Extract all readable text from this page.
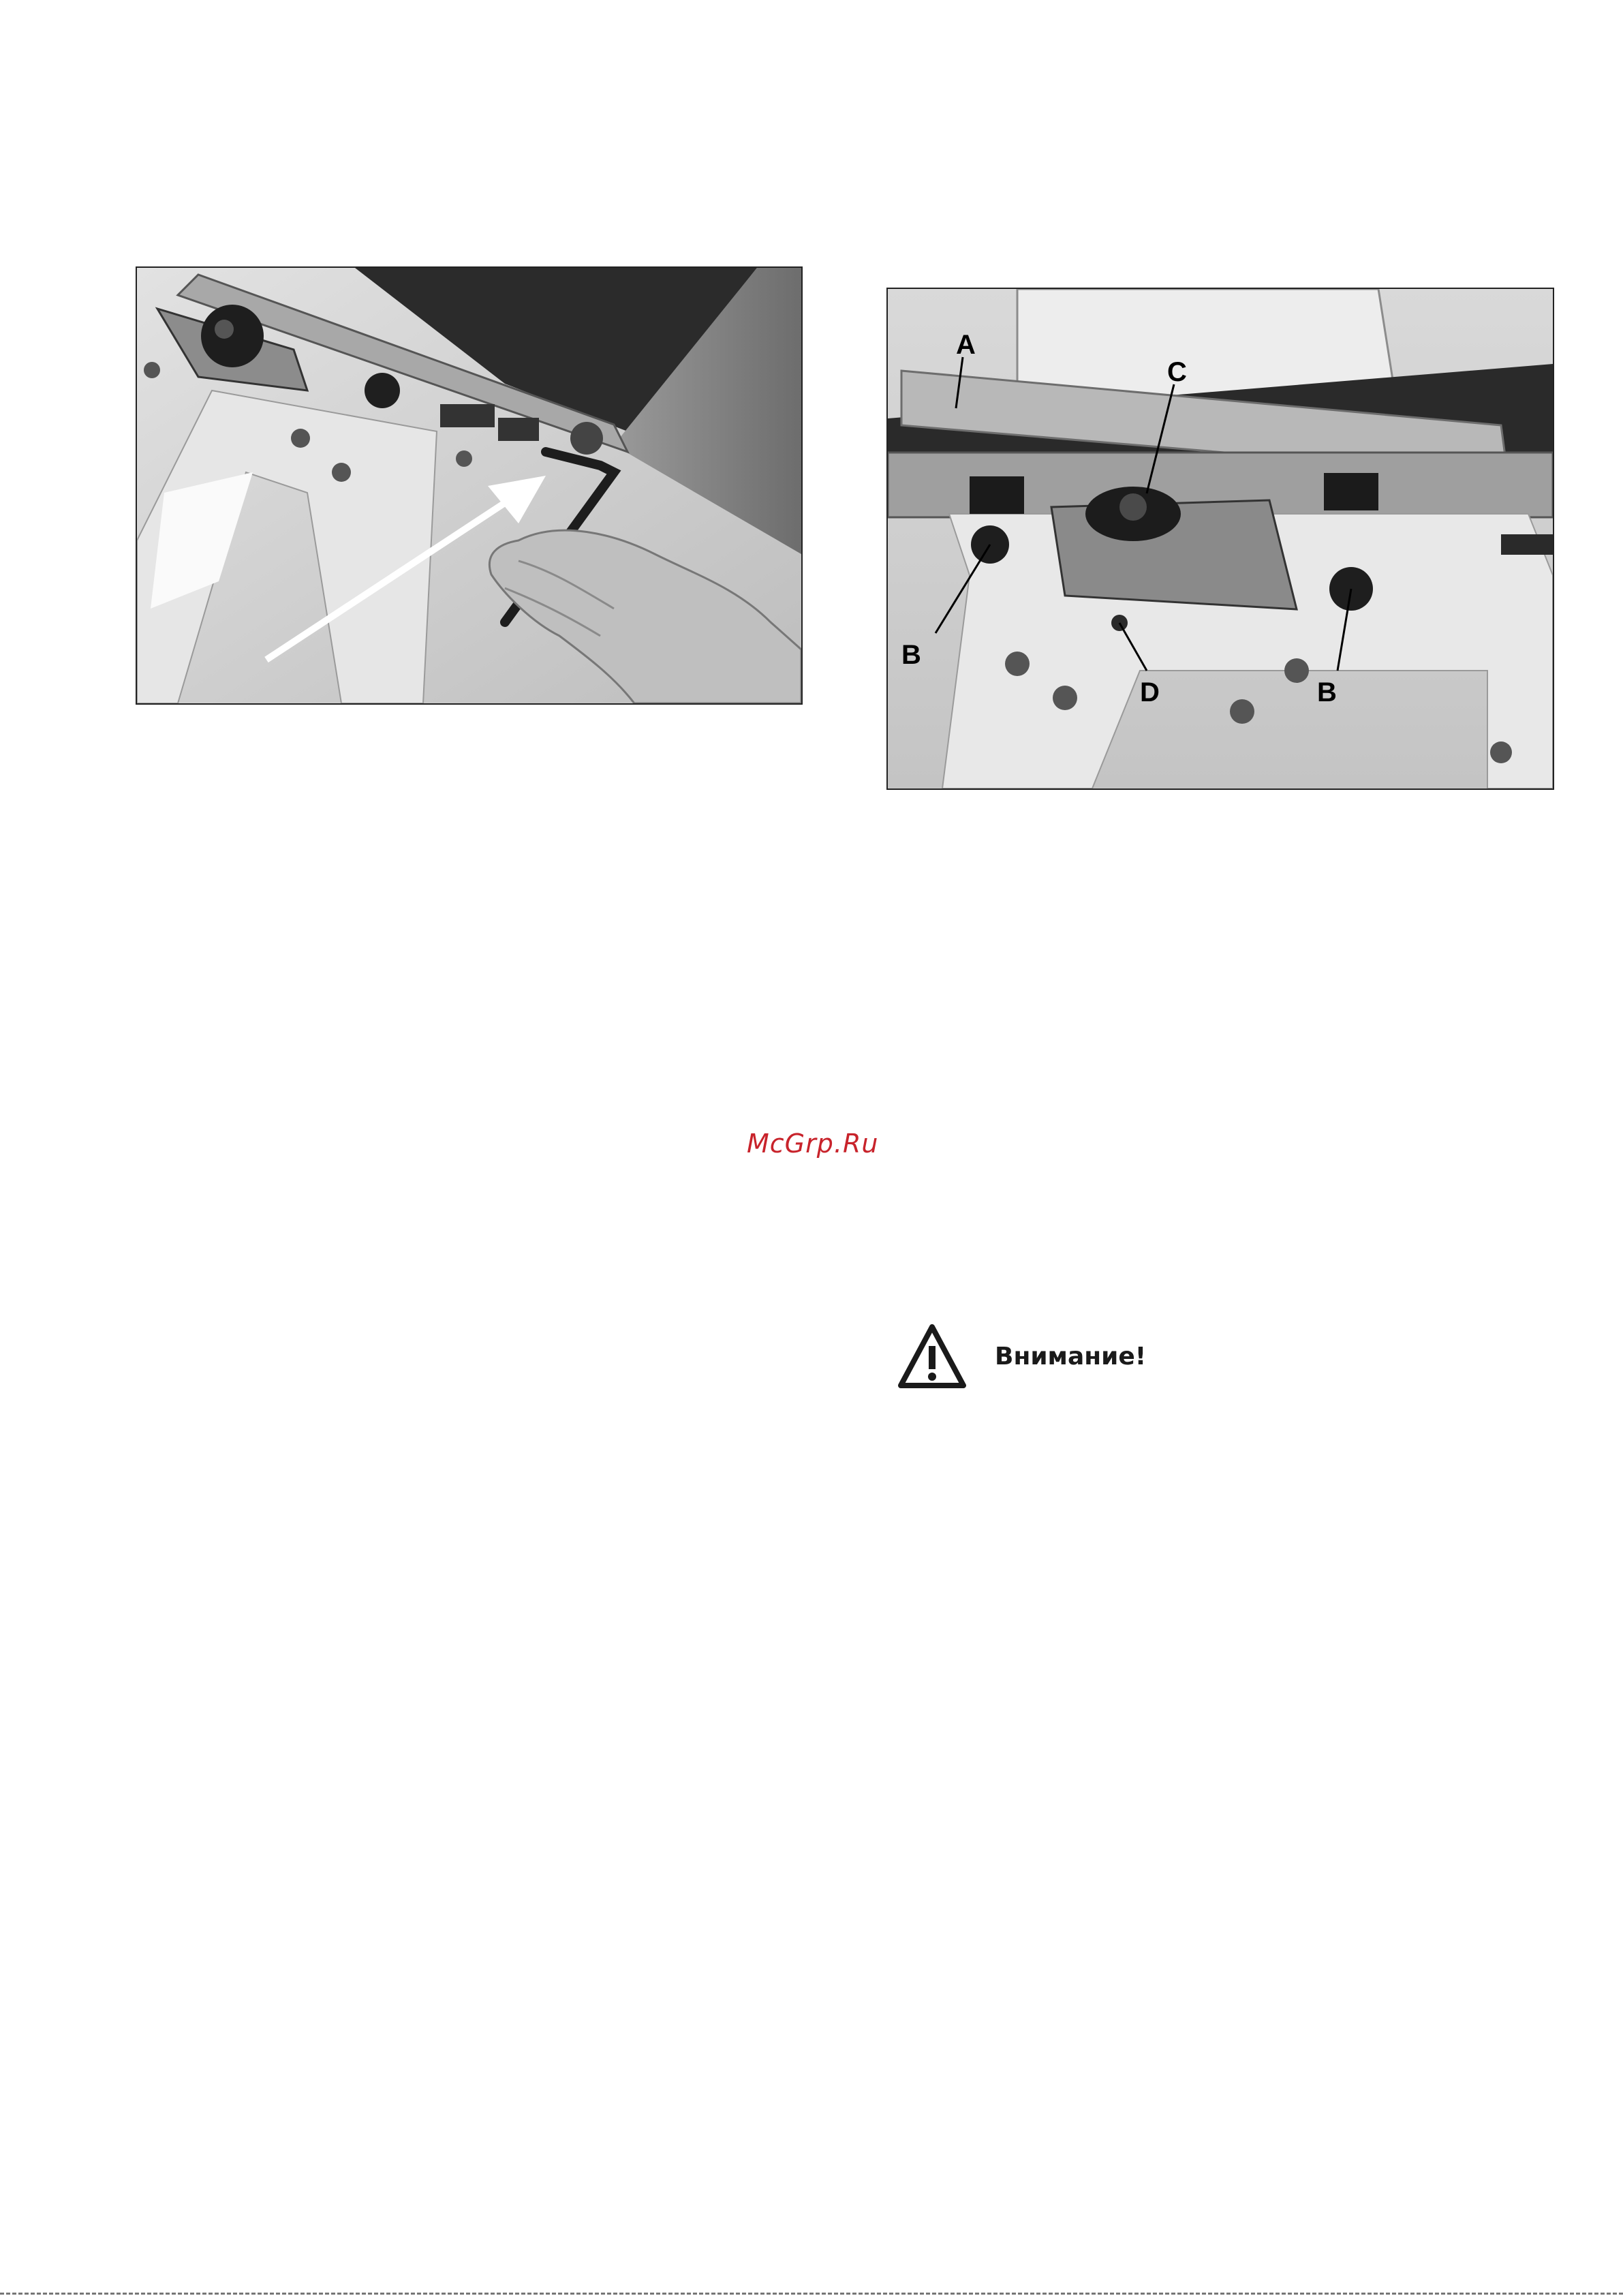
A
C
B
B
D
McGrp.Ru
Внимание!
